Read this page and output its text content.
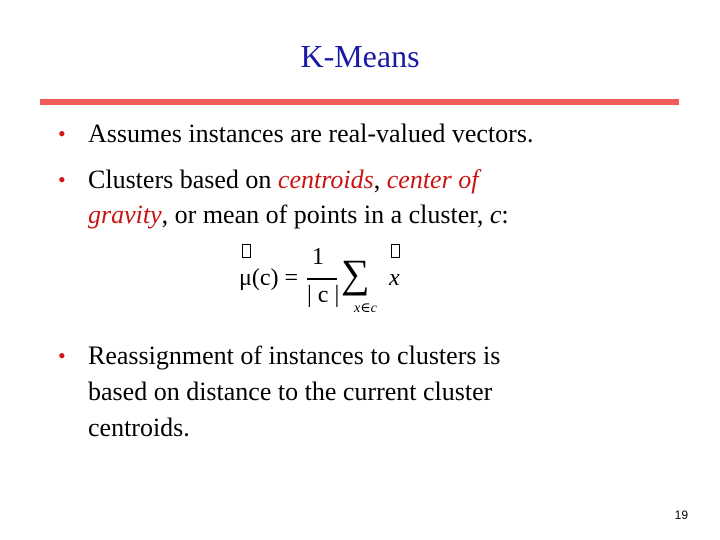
K-Means
• Assumes instances are real-valued vectors.
• Clusters based on centroids, center of
gravity, or mean of points in a cluster, c:
μ(c) =
1
| c | ∑
x∈c
x
• Reassignment of instances to clusters is
based on distance to the current cluster
centroids.
19
